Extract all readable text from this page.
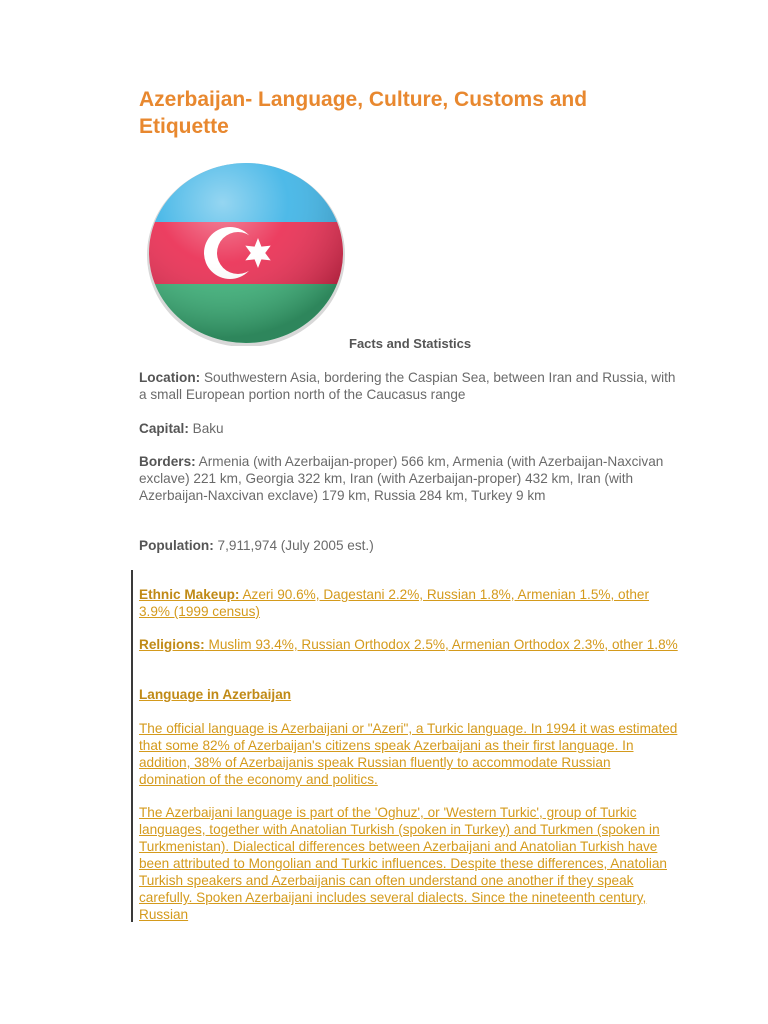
Azerbaijan- Language, Culture, Customs and Etiquette
Facts and Statistics

Location: Southwestern Asia, bordering the Caspian Sea, between Iran and Russia, with a small European portion north of the Caucasus range

Capital: Baku

Borders: Armenia (with Azerbaijan-proper) 566 km, Armenia (with Azerbaijan-Naxcivan exclave) 221 km, Georgia 322 km, Iran (with Azerbaijan-proper) 432 km, Iran (with Azerbaijan-Naxcivan exclave) 179 km, Russia 284 km, Turkey 9 km

Population: 7,911,974 (July 2005 est.)

Ethnic Makeup: Azeri 90.6%, Dagestani 2.2%, Russian 1.8%, Armenian 1.5%, other 3.9% (1999 census)

Religions: Muslim 93.4%, Russian Orthodox 2.5%, Armenian Orthodox 2.3%, other 1.8%

Language in Azerbaijan

The official language is Azerbaijani or "Azeri", a Turkic language. In 1994 it was estimated that some 82% of Azerbaijan's citizens speak Azerbaijani as their first language. In addition, 38% of Azerbaijanis speak Russian fluently to accommodate Russian domination of the economy and politics.

The Azerbaijani language is part of the 'Oghuz', or 'Western Turkic', group of Turkic languages, together with Anatolian Turkish (spoken in Turkey) and Turkmen (spoken in Turkmenistan). Dialectical differences between Azerbaijani and Anatolian Turkish have been attributed to Mongolian and Turkic influences. Despite these differences, Anatolian Turkish speakers and Azerbaijanis can often understand one another if they speak carefully. Spoken Azerbaijani includes several dialects. Since the nineteenth century, Russian
